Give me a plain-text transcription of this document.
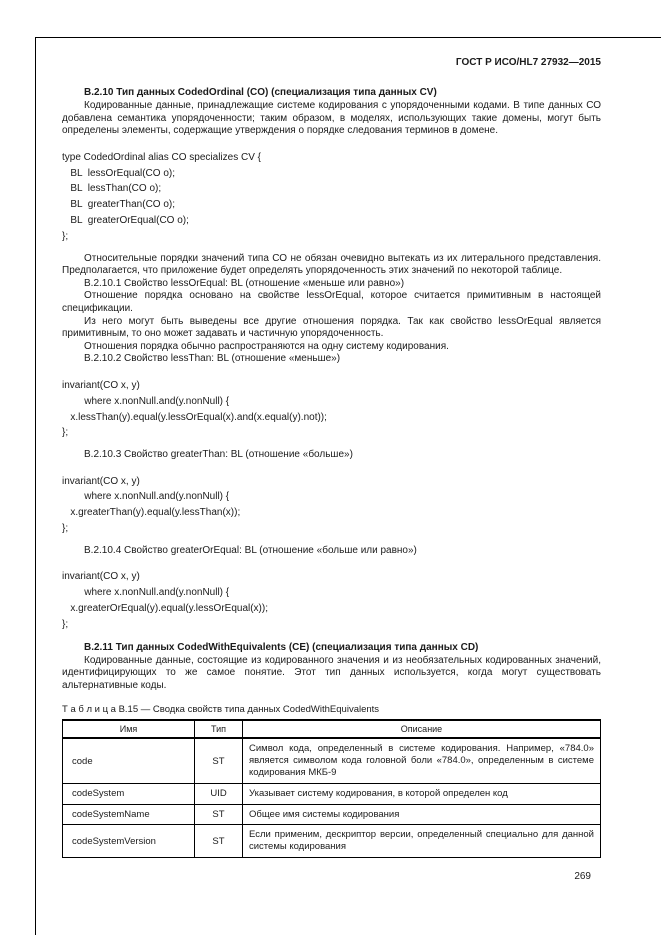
ГОСТ Р ИСО/HL7 27932—2015
В.2.10 Тип данных CodedOrdinal (CO) (специализация типа данных CV)

Кодированные данные, принадлежащие системе кодирования с упорядоченными кодами. В типе данных СО добавлена семантика упорядоченности; таким образом, в моделях, использующих такие домены, могут быть определены элементы, содержащие утверждения о порядке следования терминов в домене.

type CodedOrdinal alias CO specializes CV {
BL  lessOrEqual(CO o);
BL  lessThan(CO o);
BL  greaterThan(CO o);
BL  greaterOrEqual(CO o);
};

Относительные порядки значений типа СО не обязан очевидно вытекать из их литерального представления. Предполагается, что приложение будет определять упорядоченность этих значений по некоторой таблице.

В.2.10.1 Свойство lessOrEqual: BL (отношение «меньше или равно»)

Отношение порядка основано на свойстве lessOrEqual, которое считается примитивным в настоящей спецификации.

Из него могут быть выведены все другие отношения порядка. Так как свойство lessOrEqual является примитивным, то оно может задавать и частичную упорядоченность.

Отношения порядка обычно распространяются на одну систему кодирования.

В.2.10.2 Свойство lessThan: BL (отношение «меньше»)
invariant(CO x, y)
where x.nonNull.and(y.nonNull) {
x.lessThan(y).equal(y.lessOrEqual(x).and(x.equal(y).not));
};
В.2.10.3 Свойство greaterThan: BL (отношение «больше»)
invariant(CO x, y)
where x.nonNull.and(y.nonNull) {
x.greaterThan(y).equal(y.lessThan(x));
};
В.2.10.4 Свойство greaterOrEqual: BL (отношение «больше или равно»)
invariant(CO x, y)
where x.nonNull.and(y.nonNull) {
x.greaterOrEqual(y).equal(y.lessOrEqual(x));
};
В.2.11 Тип данных CodedWithEquivalents (CE) (специализация типа данных CD)

Кодированные данные, состоящие из кодированного значения и из необязательных кодированных значений, идентифицирующих то же самое понятие. Этот тип данных используется, когда могут существовать альтернативные коды.

Т а б л и ц а В.15 — Сводка свойств типа данных CodedWithEquivalents
Имя	Тип	Описание
code	ST	Символ кода, определенный в системе кодирования. Например, «784.0» является символом кода головной боли «784.0», определенным в системе кодирования МКБ-9
codeSystem	UID	Указывает систему кодирования, в которой определен код
codeSystemName	ST	Общее имя системы кодирования
codeSystemVersion	ST	Если применим, дескриптор версии, определенный специально для данной системы кодирования
269
